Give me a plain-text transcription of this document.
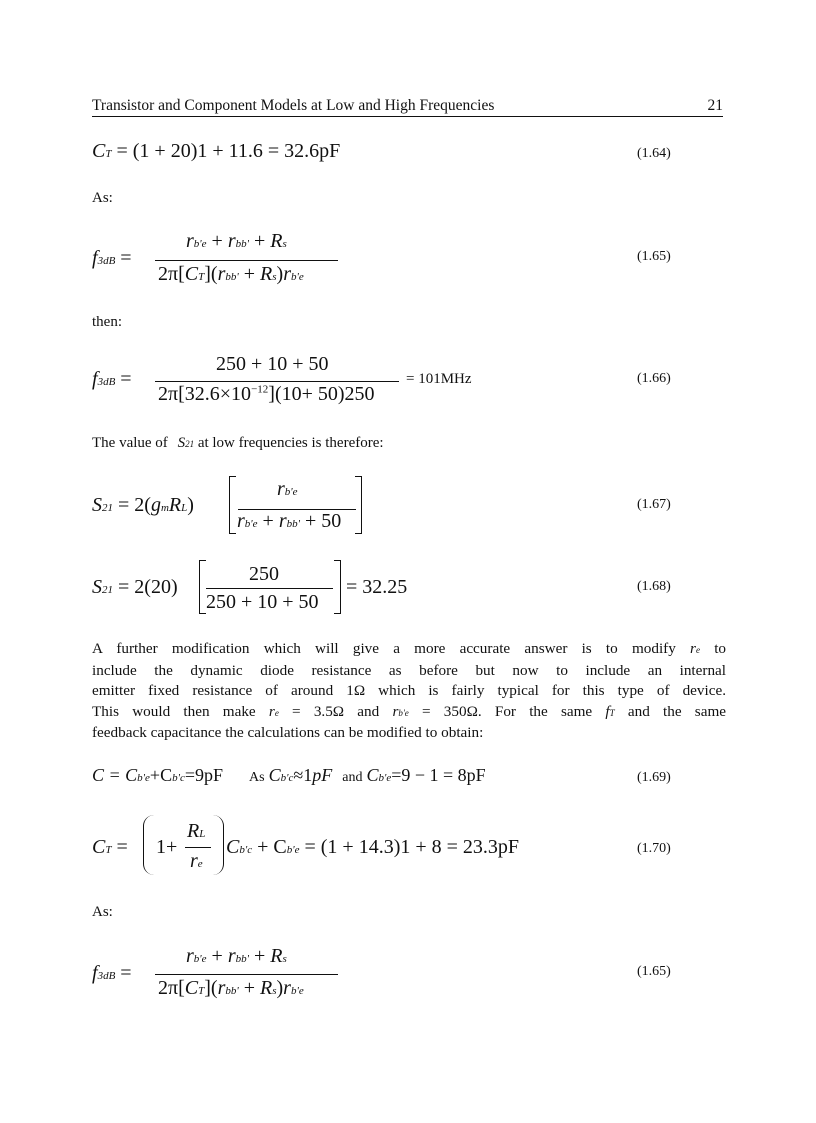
Transistor and Component Models at Low and High Frequencies	21
CT = (1 + 20)1 + 11.6 = 32.6pF	(1.64)
As:
f3dB =
rb'e + rbb' + Rs
2π[CT](rbb' + Rs)rb'e
(1.65)
then:
f3dB =
250 + 10 + 50
$2\pi[32.6\times 10^{-12}](10+ 50)250$
= 101MHz	(1.66)
The value of S21 at low frequencies is therefore:
S21 = 2(gmRL)
rb'e
rb'e + rbb' + 50
(1.67)
S21 = 2(20)
250
250 + 10 + 50
= 32.25	(1.68)

A further modification which will give a more accurate answer is to modify re to

include the dynamic diode resistance as before but now to include an internal

emitter fixed resistance of around 1Ω which is fairly typical for this type of device.

This would then make re = 3.5Ω and rb'e = 350Ω. For the same fT and the same

feedback capacitance the calculations can be modified to obtain:

C = Cb'e+Cb'c=9pF As Cb'c≈1pF and Cb'e=9 − 1 = 8pF	(1.69)
CT = 1+
RL
re
Cb'c + Cb'e = (1 + 14.3)1 + 8 = 23.3pF	(1.70)
As:
f3dB =
rb'e + rbb' + Rs
2π[CT](rbb' + Rs)rb'e
(1.65)
